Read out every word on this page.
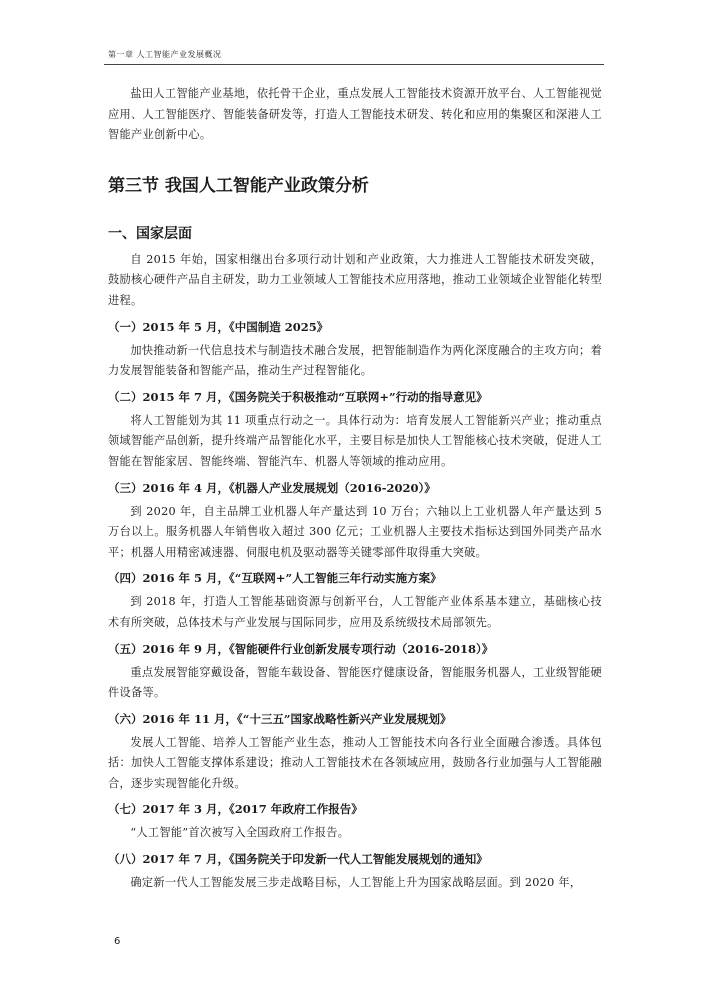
第一章 人工智能产业发展概况

盐田人工智能产业基地，依托骨干企业，重点发展人工智能技术资源开放平台、人工智能视觉应用、人工智能医疗、智能装备研发等，打造人工智能技术研发、转化和应用的集聚区和深港人工智能产业创新中心。

第三节 我国人工智能产业政策分析
一、国家层面

自 2015 年始，国家相继出台多项行动计划和产业政策，大力推进人工智能技术研发突破，鼓励核心硬件产品自主研发，助力工业领域人工智能技术应用落地，推动工业领域企业智能化转型进程。

（一）2015 年 5 月，《中国制造 2025》

加快推动新一代信息技术与制造技术融合发展，把智能制造作为两化深度融合的主攻方向；着力发展智能装备和智能产品，推动生产过程智能化。

（二）2015 年 7 月，《国务院关于积极推动“互联网+”行动的指导意见》

将人工智能划为其 11 项重点行动之一。具体行动为：培育发展人工智能新兴产业；推动重点领域智能产品创新，提升终端产品智能化水平，主要目标是加快人工智能核心技术突破，促进人工智能在智能家居、智能终端、智能汽车、机器人等领域的推动应用。

（三）2016 年 4 月，《机器人产业发展规划（2016-2020）》

到 2020 年，自主品牌工业机器人年产量达到 10 万台；六轴以上工业机器人年产量达到 5 万台以上。服务机器人年销售收入超过 300 亿元；工业机器人主要技术指标达到国外同类产品水平；机器人用精密减速器、伺服电机及驱动器等关键零部件取得重大突破。

（四）2016 年 5 月，《“互联网+”人工智能三年行动实施方案》

到 2018 年，打造人工智能基础资源与创新平台，人工智能产业体系基本建立，基础核心技术有所突破，总体技术与产业发展与国际同步，应用及系统级技术局部领先。

（五）2016 年 9 月，《智能硬件行业创新发展专项行动（2016-2018）》

重点发展智能穿戴设备，智能车载设备、智能医疗健康设备，智能服务机器人，工业级智能硬件设备等。

（六）2016 年 11 月，《“十三五”国家战略性新兴产业发展规划》

发展人工智能、培养人工智能产业生态，推动人工智能技术向各行业全面融合渗透。具体包括：加快人工智能支撑体系建设；推动人工智能技术在各领域应用，鼓励各行业加强与人工智能融合，逐步实现智能化升级。

（七）2017 年 3 月，《2017 年政府工作报告》

“人工智能”首次被写入全国政府工作报告。

（八）2017 年 7 月，《国务院关于印发新一代人工智能发展规划的通知》

确定新一代人工智能发展三步走战略目标，人工智能上升为国家战略层面。到 2020 年，

6
